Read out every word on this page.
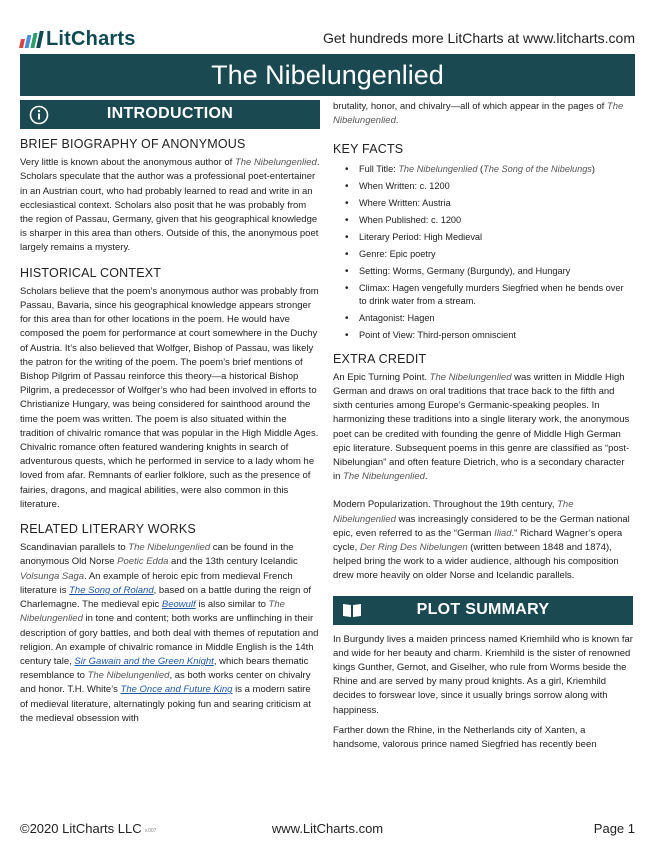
LitCharts	Get hundreds more LitCharts at www.litcharts.com
The Nibelungenlied
INTRODUCTION
BRIEF BIOGRAPHY OF ANONYMOUS

Very little is known about the anonymous author of The Nibelungenlied. Scholars speculate that the author was a professional poet-entertainer in an Austrian court, who had probably learned to read and write in an ecclesiastical context. Scholars also posit that he was probably from the region of Passau, Germany, given that his geographical knowledge is sharper in this area than others. Outside of this, the anonymous poet largely remains a mystery.

HISTORICAL CONTEXT

Scholars believe that the poem’s anonymous author was probably from Passau, Bavaria, since his geographical knowledge appears stronger for this area than for other locations in the poem. He would have composed the poem for performance at court somewhere in the Duchy of Austria. It’s also believed that Wolfger, Bishop of Passau, was likely the patron for the writing of the poem. The poem’s brief mentions of Bishop Pilgrim of Passau reinforce this theory—a historical Bishop Pilgrim, a predecessor of Wolfger’s who had been involved in efforts to Christianize Hungary, was being considered for sainthood around the time the poem was written. The poem is also situated within the tradition of chivalric romance that was popular in the High Middle Ages. Chivalric romance often featured wandering knights in search of adventurous quests, which he performed in service to a lady whom he loved from afar. Remnants of earlier folklore, such as the presence of fairies, dragons, and magical abilities, were also common in this literature.

RELATED LITERARY WORKS

Scandinavian parallels to The Nibelungenlied can be found in the anonymous Old Norse Poetic Edda and the 13th century Icelandic Volsunga Saga. An example of heroic epic from medieval French literature is The Song of Roland, based on a battle during the reign of Charlemagne. The medieval epic Beowulf is also similar to The Nibelungenlied in tone and content; both works are unflinching in their description of gory battles, and both deal with themes of reputation and religion. An example of chivalric romance in Middle English is the 14th century tale, Sir Gawain and the Green Knight, which bears thematic resemblance to The Nibelungenlied, as both works center on chivalry and honor. T.H. White’s The Once and Future King is a modern satire of medieval literature, alternatingly poking fun and searing criticism at the medieval obsession with

brutality, honor, and chivalry—all of which appear in the pages of The Nibelungenlied.

KEY FACTS
• Full Title: The Nibelungenlied (The Song of the Nibelungs)
• When Written: c. 1200
• Where Written: Austria
• When Published: c. 1200
• Literary Period: High Medieval
• Genre: Epic poetry
• Setting: Worms, Germany (Burgundy), and Hungary
• Climax: Hagen vengefully murders Siegfried when he bends over to drink water from a stream.
• Antagonist: Hagen
• Point of View: Third-person omniscient
EXTRA CREDIT

An Epic Turning Point. The Nibelungenlied was written in Middle High German and draws on oral traditions that trace back to the fifth and sixth centuries among Europe’s Germanic-speaking peoples. In harmonizing these traditions into a single literary work, the anonymous poet can be credited with founding the genre of Middle High German epic literature. Subsequent poems in this genre are classified as “post-Nibelungian” and often feature Dietrich, who is a secondary character in The Nibelungenlied.

Modern Popularization. Throughout the 19th century, The Nibelungenlied was increasingly considered to be the German national epic, even referred to as the “German Iliad.” Richard Wagner’s opera cycle, Der Ring Des Nibelungen (written between 1848 and 1874), helped bring the work to a wider audience, although his composition drew more heavily on older Norse and Icelandic parallels.

PLOT SUMMARY

In Burgundy lives a maiden princess named Kriemhild who is known far and wide for her beauty and charm. Kriemhild is the sister of renowned kings Gunther, Gernot, and Giselher, who rule from Worms beside the Rhine and are served by many proud knights. As a girl, Kriemhild decides to forswear love, since it usually brings sorrow along with happiness.

Farther down the Rhine, in the Netherlands city of Xanten, a handsome, valorous prince named Siegfried has recently been

©2020 LitCharts LLC v.007	www.LitCharts.com	Page 1
